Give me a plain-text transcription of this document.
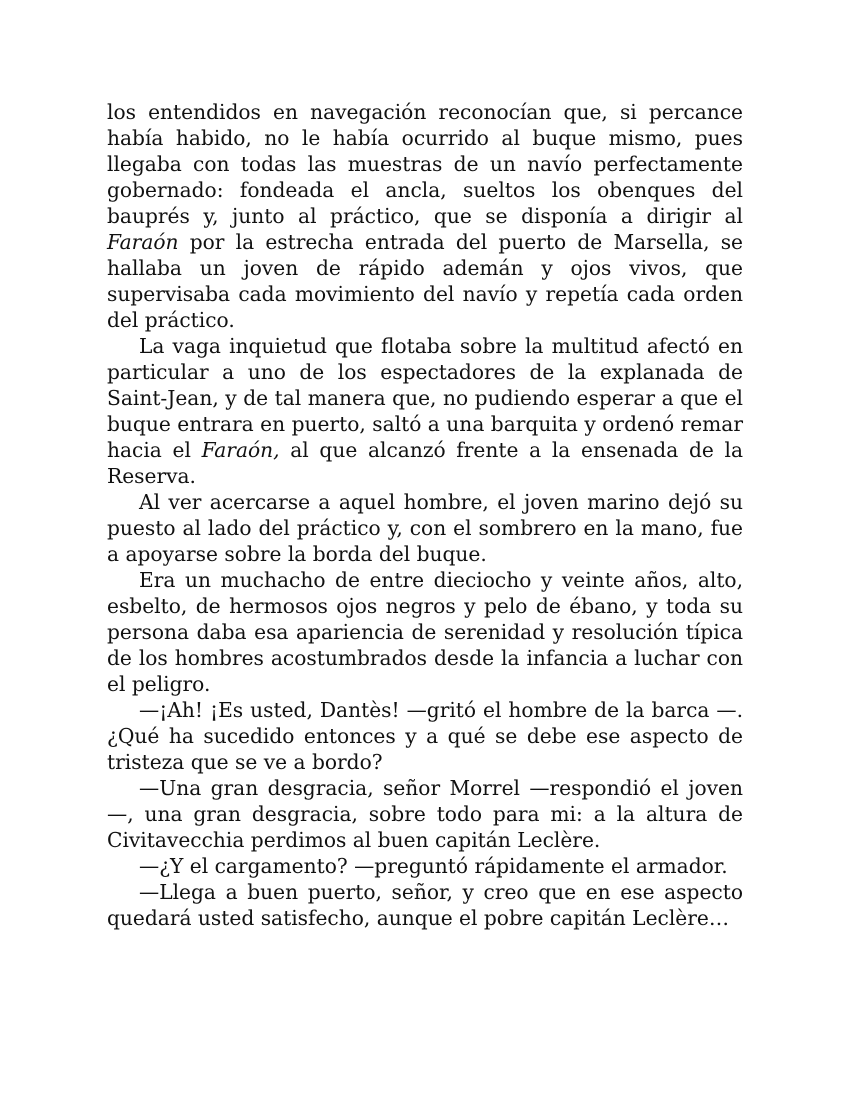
los entendidos en navegación reconocían que, si percance había habido, no le había ocurrido al buque mismo, pues llegaba con todas las muestras de un navío perfectamente gobernado: fondeada el ancla, sueltos los obenques del bauprés y, junto al práctico, que se disponía a dirigir al Faraón por la estrecha entrada del puerto de Marsella, se hallaba un joven de rápido ademán y ojos vivos, que supervisaba cada movimiento del navío y repetía cada orden del práctico.

La vaga inquietud que flotaba sobre la multitud afectó en particular a uno de los espectadores de la explanada de Saint-Jean, y de tal manera que, no pudiendo esperar a que el buque entrara en puerto, saltó a una barquita y ordenó remar hacia el Faraón, al que alcanzó frente a la ensenada de la Reserva.

Al ver acercarse a aquel hombre, el joven marino dejó su puesto al lado del práctico y, con el sombrero en la mano, fue a apoyarse sobre la borda del buque.

Era un muchacho de entre dieciocho y veinte años, alto, esbelto, de hermosos ojos negros y pelo de ébano, y toda su persona daba esa apariencia de serenidad y resolución típica de los hombres acostumbrados desde la infancia a luchar con el peligro.

—¡Ah! ¡Es usted, Dantès! —gritó el hombre de la barca —. ¿Qué ha sucedido entonces y a qué se debe ese aspecto de tristeza que se ve a bordo?

—Una gran desgracia, señor Morrel —respondió el joven —, una gran desgracia, sobre todo para mi: a la altura de Civitavecchia perdimos al buen capitán Leclère.

—¿Y el cargamento? —preguntó rápidamente el armador.

—Llega a buen puerto, señor, y creo que en ese aspecto quedará usted satisfecho, aunque el pobre capitán Leclère…
